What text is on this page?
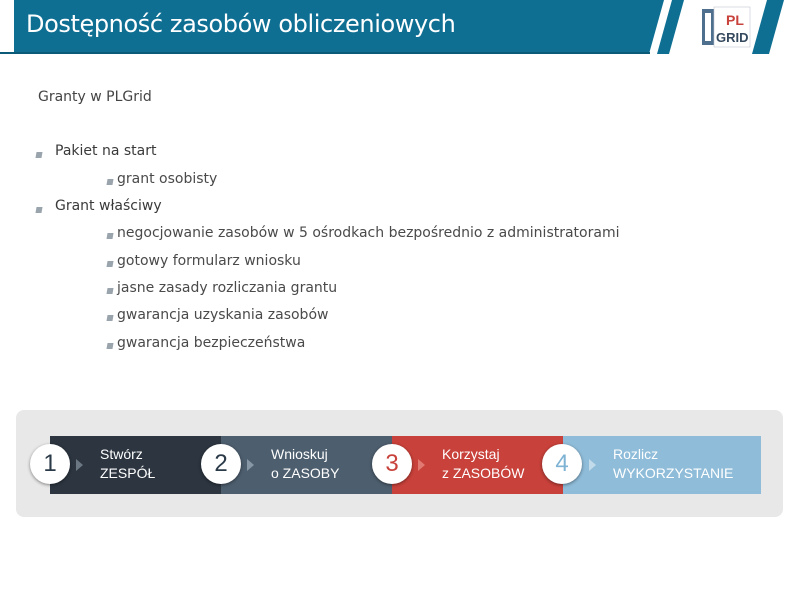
Dostępność zasobów obliczeniowych	PL
GRID
Granty w PLGrid
Pakiet na start
grant osobisty
Grant właściwy
negocjowanie zasobów w 5 ośrodkach bezpośrednio z administratorami
gotowy formularz wniosku
jasne zasady rozliczania grantu
gwarancja uzyskania zasobów
gwarancja bezpieczeństwa
Stwórz
ZESPÓŁ
Wnioskuj
o ZASOBY
Korzystaj
z ZASOBÓW
Rozlicz
WYKORZYSTANIE
1	2	3	4
